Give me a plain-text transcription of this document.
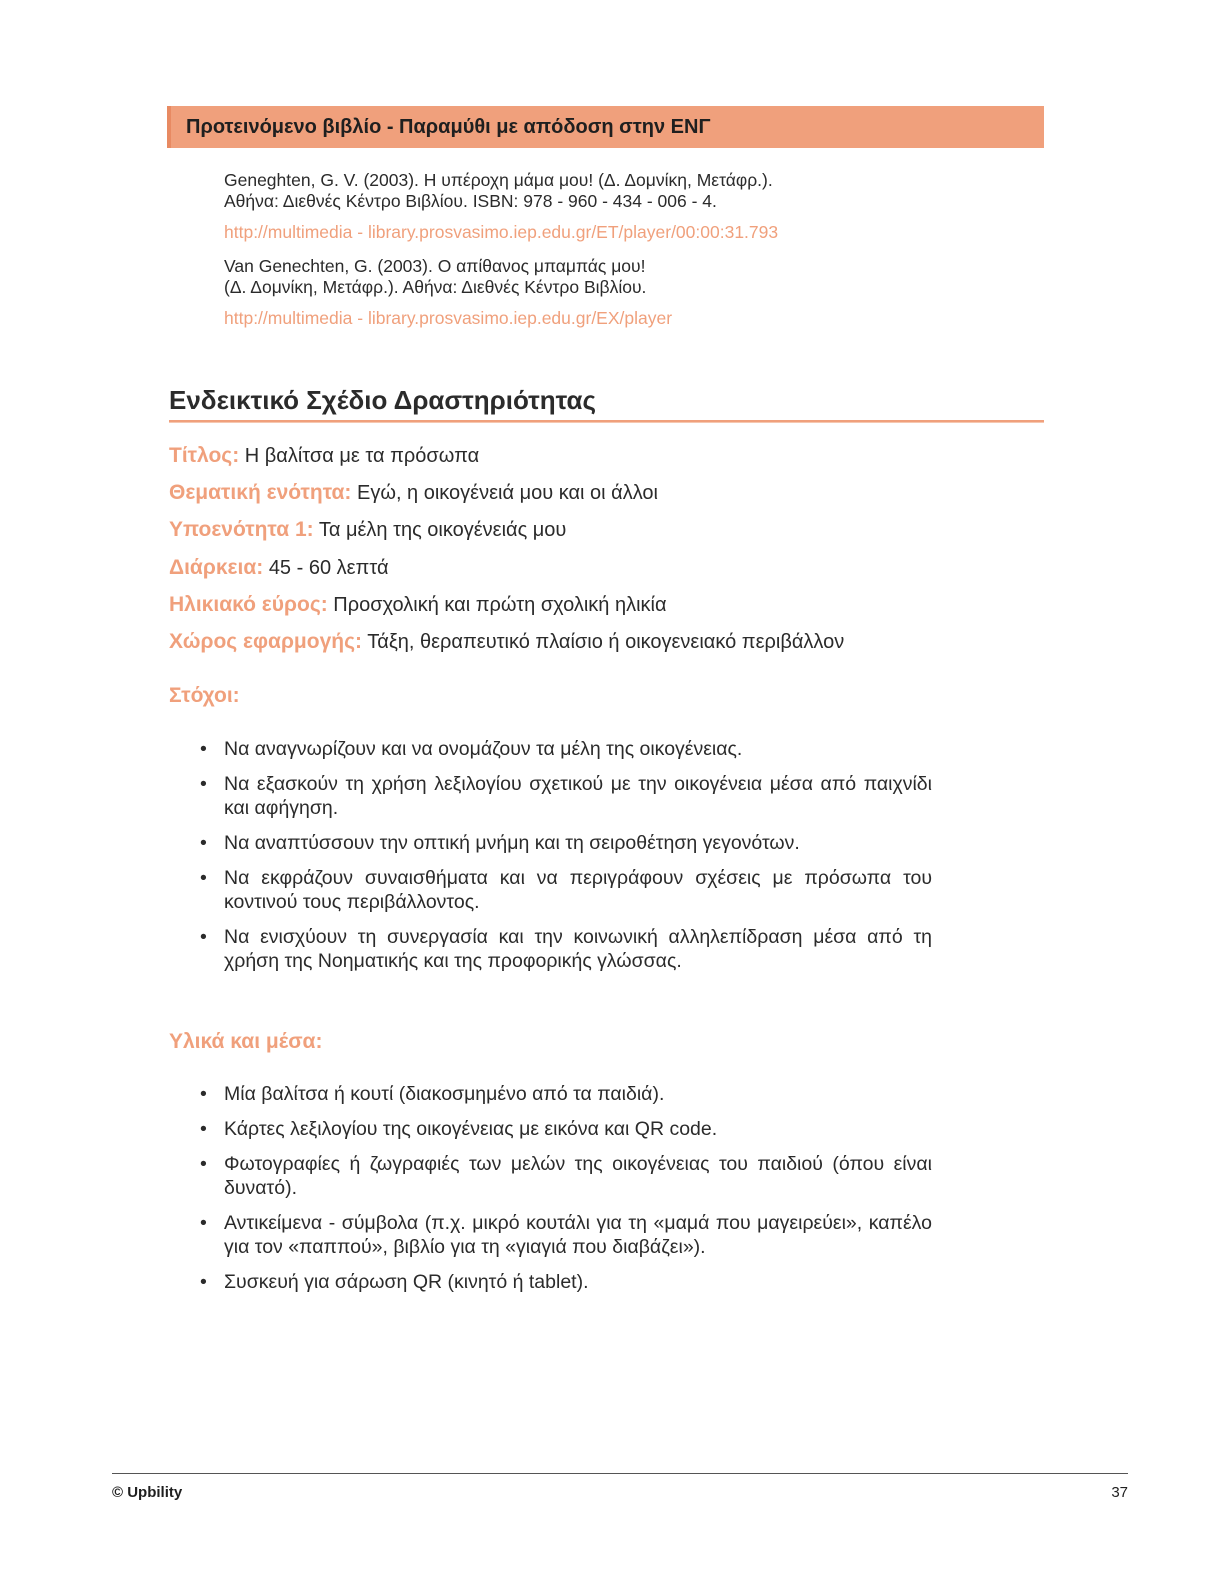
Προτεινόμενο βιβλίο - Παραμύθι με απόδοση στην ΕΝΓ
Geneghten, G. V. (2003). Η υπέροχη μάμα μου! (Δ. Δομνίκη, Μετάφρ.).
Αθήνα: Διεθνές Κέντρο Βιβλίου. ISBN: 978 - 960 - 434 - 006 - 4.
http://multimedia - library.prosvasimo.iep.edu.gr/ET/player/00:00:31.793
Van Genechten, G. (2003). Ο απίθανος μπαμπάς μου!
(Δ. Δομνίκη, Μετάφρ.). Αθήνα: Διεθνές Κέντρο Βιβλίου.
http://multimedia - library.prosvasimo.iep.edu.gr/EX/player
Ενδεικτικό Σχέδιο Δραστηριότητας
Τίτλος: Η βαλίτσα με τα πρόσωπα
Θεματική ενότητα: Εγώ, η οικογένειά μου και οι άλλοι
Υποενότητα 1: Τα μέλη της οικογένειάς μου
Διάρκεια: 45 - 60 λεπτά
Ηλικιακό εύρος: Προσχολική και πρώτη σχολική ηλικία
Χώρος εφαρμογής: Τάξη, θεραπευτικό πλαίσιο ή οικογενειακό περιβάλλον
Στόχοι:
• Να αναγνωρίζουν και να ονομάζουν τα μέλη της οικογένειας.
• Να εξασκούν τη χρήση λεξιλογίου σχετικού με την οικογένεια μέσα από παιχνίδι και αφήγηση.
• Να αναπτύσσουν την οπτική μνήμη και τη σειροθέτηση γεγονότων.
• Να εκφράζουν συναισθήματα και να περιγράφουν σχέσεις με πρόσωπα του κοντινού τους περιβάλλοντος.
• Να ενισχύουν τη συνεργασία και την κοινωνική αλληλεπίδραση μέσα από τη χρήση της Νοηματικής και της προφορικής γλώσσας.
Υλικά και μέσα:
• Μία βαλίτσα ή κουτί (διακοσμημένο από τα παιδιά).
• Κάρτες λεξιλογίου της οικογένειας με εικόνα και QR code.
• Φωτογραφίες ή ζωγραφιές των μελών της οικογένειας του παιδιού (όπου είναι δυνατό).
• Αντικείμενα - σύμβολα (π.χ. μικρό κουτάλι για τη «μαμά που μαγειρεύει», καπέλο για τον «παππού», βιβλίο για τη «γιαγιά που διαβάζει»).
• Συσκευή για σάρωση QR (κινητό ή tablet).
© Upbility	37
